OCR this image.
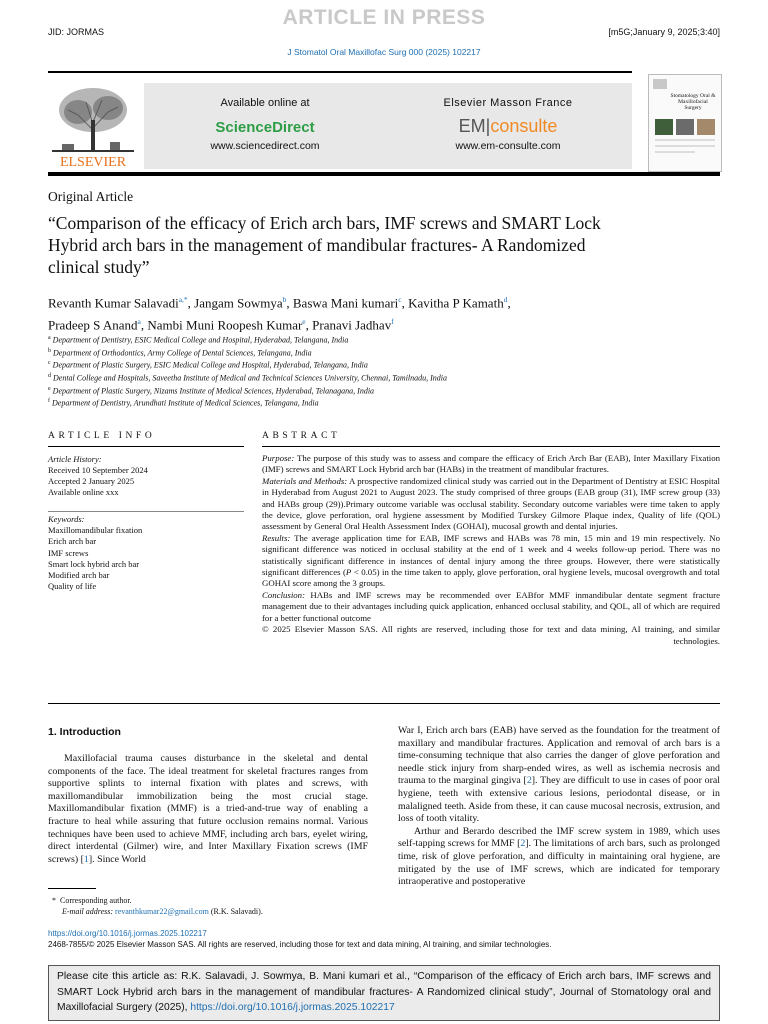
ARTICLE IN PRESS
JID: JORMAS	[m5G;January 9, 2025;3:40]
J Stomatol Oral Maxillofac Surg 000 (2025) 102217
ELSEVIER
Available online at
ScienceDirect
www.sciencedirect.com
Elsevier Masson France
EM|consulte
www.em-consulte.com
Stomatology Oral & Maxillofacial Surgery
Original Article
“Comparison of the efficacy of Erich arch bars, IMF screws and SMART Lock Hybrid arch bars in the management of mandibular fractures- A Randomized clinical study”
Revanth Kumar Salavadi$^{a,*}$, Jangam Sowmya$^b$, Baswa Mani kumari$^c$, Kavitha P Kamath$^d$,
Pradeep S Anand$^a$, Nambi Muni Roopesh Kumar$^e$, Pranavi Jadhav$^f$
$^a$ Department of Dentistry, ESIC Medical College and Hospital, Hyderabad, Telangana, India
$^b$ Department of Orthodontics, Army College of Dental Sciences, Telangana, India
$^c$ Department of Plastic Surgery, ESIC Medical College and Hospital, Hyderabad, Telangana, India
$^d$ Dental College and Hospitals, Saveetha Institute of Medical and Technical Sciences University, Chennai, Tamilnadu, India
$^e$ Department of Plastic Surgery, Nizams Institute of Medical Sciences, Hyderabad, Telanagana, India
$^f$ Department of Dentistry, Arundhati Institute of Medical Sciences, Telangana, India
ARTICLE INFO
Article History:
Received 10 September 2024
Accepted 2 January 2025
Available online xxx
Keywords:
Maxillomandibular fixation
Erich arch bar
IMF screws
Smart lock hybrid arch bar
Modified arch bar
Quality of life
ABSTRACT

Purpose: The purpose of this study was to assess and compare the efficacy of Erich Arch Bar (EAB), Inter Maxillary Fixation (IMF) screws and SMART Lock Hybrid arch bar (HABs) in the treatment of mandibular fractures.

Materials and Methods: A prospective randomized clinical study was carried out in the Department of Dentistry at ESIC Hospital in Hyderabad from August 2021 to August 2023. The study comprised of three groups (EAB group (31), IMF screw group (33) and HABs group (29)).Primary outcome variable was occlusal stability. Secondary outcome variables were time taken to apply the device, glove perforation, oral hygiene assessment by Modified Turskey Gilmore Plaque index, Quality of life (QOL) assessment by General Oral Health Assessment Index (GOHAI), mucosal growth and dental injuries.

Results: The average application time for EAB, IMF screws and HABs was 78 min, 15 min and 19 min respectively. No significant difference was noticed in occlusal stability at the end of 1 week and 4 weeks follow-up period. There was no statistically significant difference in instances of dental injury among the three groups. However, there were statistically significant differences (P < 0.05) in the time taken to apply, glove perforation, oral hygiene levels, mucosal overgrowth and total GOHAI score among the 3 groups.

Conclusion: HABs and IMF screws may be recommended over EABfor MMF inmandibular dentate segment fracture management due to their advantages including quick application, enhanced occlusal stability, and QOL, all of which are required for a better functional outcome

© 2025 Elsevier Masson SAS. All rights are reserved, including those for text and data mining, AI training, and similar technologies.

1. Introduction
Maxillofacial trauma causes disturbance in the skeletal and dental components of the face. The ideal treatment for skeletal fractures ranges from supportive splints to internal fixation with plates and screws, with maxillomandibular immobilization being the most crucial stage. Maxillomandibular fixation (MMF) is a tried-and-true way of enabling a fracture to heal while assuring that future occlusion remains normal. Various techniques have been used to achieve MMF, including arch bars, eyelet wiring, direct interdental (Gilmer) wire, and Inter Maxillary Fixation screws (IMF screws) [1]. Since World

War I, Erich arch bars (EAB) have served as the foundation for the treatment of maxillary and mandibular fractures. Application and removal of arch bars is a time-consuming technique that also carries the danger of glove perforation and needle stick injury from sharp-ended wires, as well as ischemia necrosis and trauma to the marginal gingiva [2]. They are difficult to use in cases of poor oral hygiene, teeth with extensive carious lesions, periodontal disease, or in malaligned teeth. Aside from these, it can cause mucosal necrosis, extrusion, and loss of tooth vitality.

Arthur and Berardo described the IMF screw system in 1989, which uses self-tapping screws for MMF [2]. The limitations of arch bars, such as prolonged time, risk of glove perforation, and difficulty in maintaining oral hygiene, are mitigated by the use of IMF screws, which are indicated for temporary intraoperative and postoperative

*  Corresponding author.
E-mail address: revanthkumar22@gmail.com (R.K. Salavadi).
https://doi.org/10.1016/j.jormas.2025.102217
2468-7855/© 2025 Elsevier Masson SAS. All rights are reserved, including those for text and data mining, AI training, and similar technologies.
Please cite this article as: R.K. Salavadi, J. Sowmya, B. Mani kumari et al., “Comparison of the efficacy of Erich arch bars, IMF screws and SMART Lock Hybrid arch bars in the management of mandibular fractures- A Randomized clinical study”, Journal of Stomatology oral and Maxillofacial Surgery (2025), https://doi.org/10.1016/j.jormas.2025.102217
